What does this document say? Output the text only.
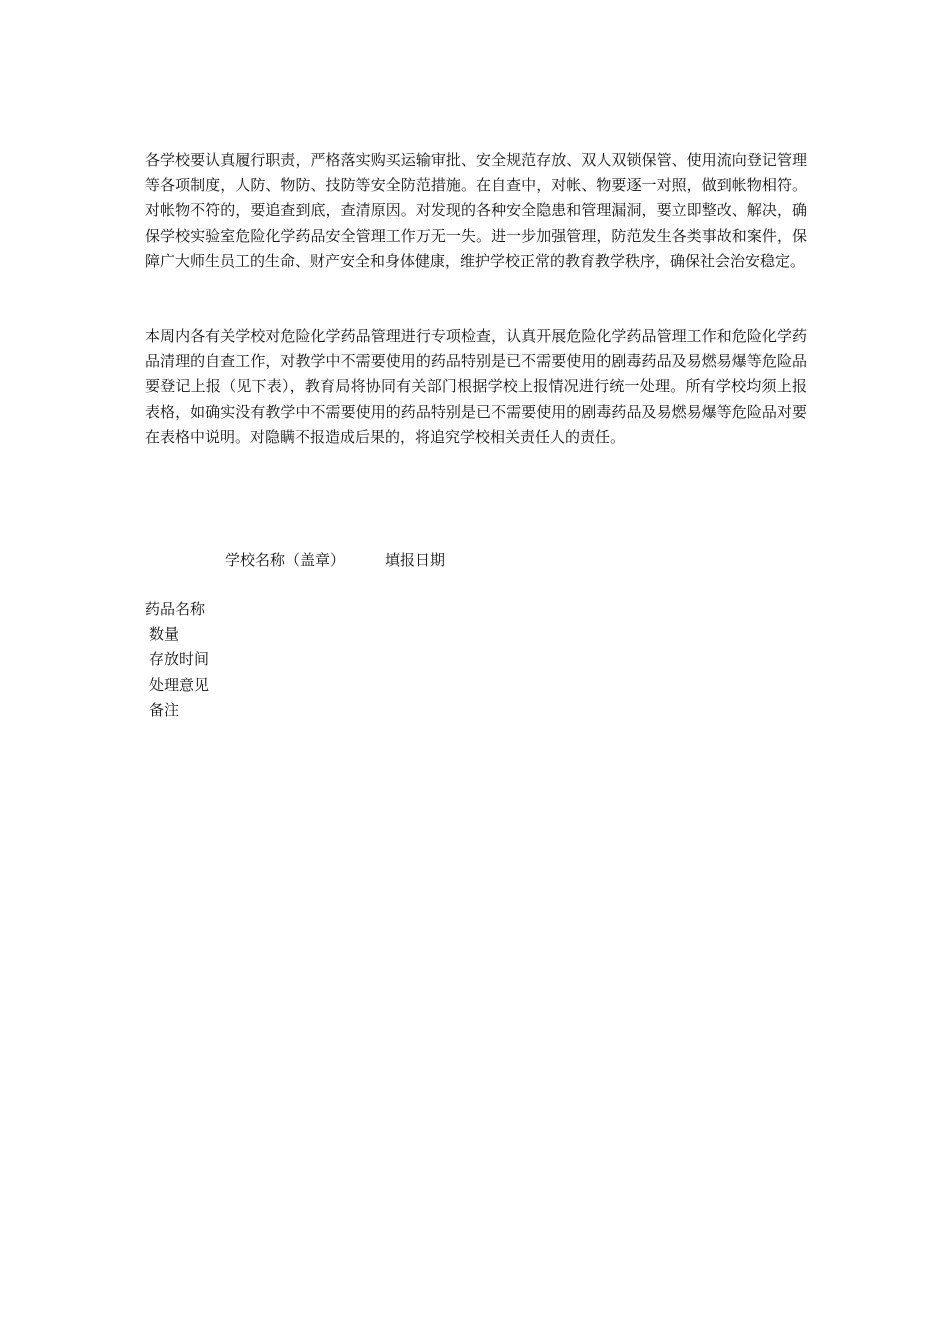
各学校要认真履行职责，严格落实购买运输审批、安全规范存放、双人双锁保管、使用流向登记管理等各项制度，人防、物防、技防等安全防范措施。在自查中，对帐、物要逐一对照，做到帐物相符。对帐物不符的，要追查到底，查清原因。对发现的各种安全隐患和管理漏洞，要立即整改、解决，确保学校实验室危险化学药品安全管理工作万无一失。进一步加强管理，防范发生各类事故和案件，保障广大师生员工的生命、财产安全和身体健康，维护学校正常的教育教学秩序，确保社会治安稳定。

本周内各有关学校对危险化学药品管理进行专项检查，认真开展危险化学药品管理工作和危险化学药品清理的自查工作，对教学中不需要使用的药品特别是已不需要使用的剧毒药品及易燃易爆等危险品要登记上报（见下表），教育局将协同有关部门根据学校上报情况进行统一处理。所有学校均须上报表格，如确实没有教学中不需要使用的药品特别是已不需要使用的剧毒药品及易燃易爆等危险品对要在表格中说明。对隐瞒不报造成后果的，将追究学校相关责任人的责任。

学校名称（盖章）	填报日期
药品名称
数量
存放时间
处理意见
备注
